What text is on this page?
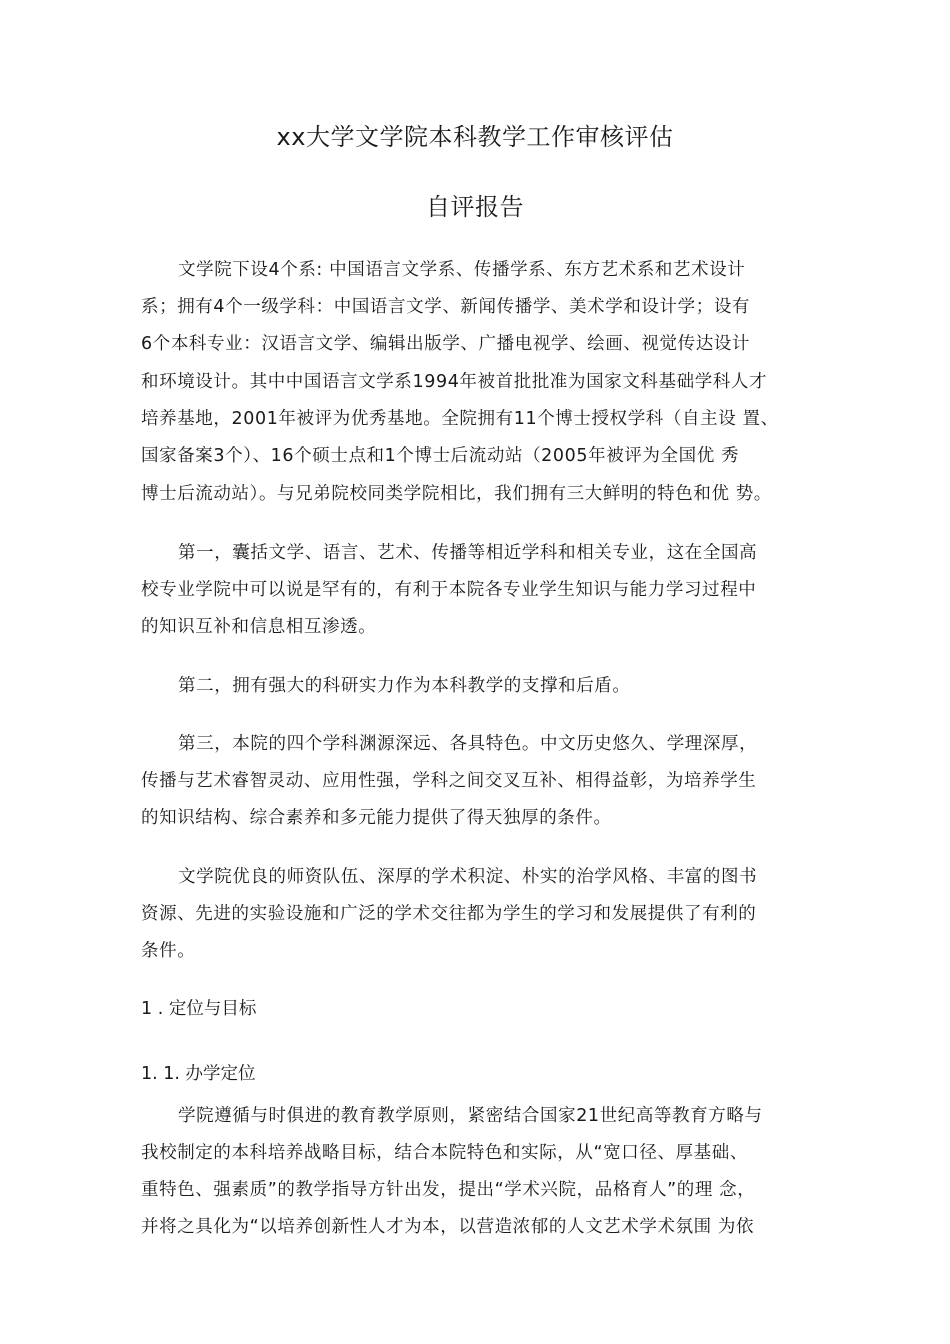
xx大学文学院本科教学工作审核评估
自评报告
文学院下设4个系: 中国语言文学系、传播学系、东方艺术系和艺术设计
系；拥有4个一级学科：中国语言文学、新闻传播学、美术学和设计学；设有
6个本科专业：汉语言文学、编辑出版学、广播电视学、绘画、视觉传达设计
和环境设计。其中中国语言文学系1994年被首批批准为国家文科基础学科人才
培养基地，2001年被评为优秀基地。全院拥有11个博士授权学科（自主设 置、
国家备案3个）、16个硕士点和1个博士后流动站（2005年被评为全国优 秀
博士后流动站）。与兄弟院校同类学院相比，我们拥有三大鲜明的特色和优 势。
第一，囊括文学、语言、艺术、传播等相近学科和相关专业，这在全国高
校专业学院中可以说是罕有的，有利于本院各专业学生知识与能力学习过程中
的知识互补和信息相互渗透。
第二，拥有强大的科研实力作为本科教学的支撑和后盾。
第三，本院的四个学科渊源深远、各具特色。中文历史悠久、学理深厚，
传播与艺术睿智灵动、应用性强，学科之间交叉互补、相得益彰，为培养学生
的知识结构、综合素养和多元能力提供了得天独厚的条件。
文学院优良的师资队伍、深厚的学术积淀、朴实的治学风格、丰富的图书
资源、先进的实验设施和广泛的学术交往都为学生的学习和发展提供了有利的
条件。
1 . 定位与目标
1. 1. 办学定位
学院遵循与时俱进的教育教学原则，紧密结合国家21世纪高等教育方略与
我校制定的本科培养战略目标，结合本院特色和实际，从“宽口径、厚基础、
重特色、强素质”的教学指导方针出发，提出“学术兴院，品格育人”的理 念，
并将之具化为“以培养创新性人才为本，以营造浓郁的人文艺术学术氛围 为依
